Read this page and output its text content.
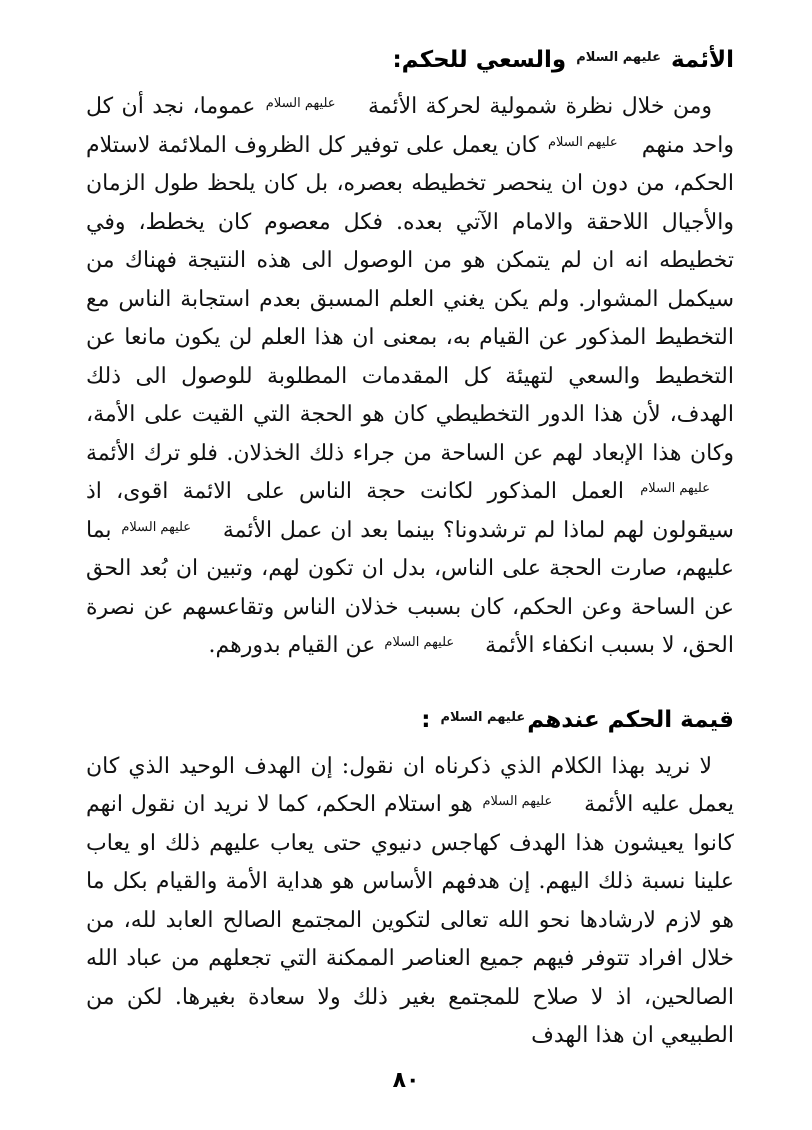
الأئمة عليهم السلام والسعي للحكم:

ومن خلال نظرة شمولية لحركة الأئمة عليهم السلام عموما، نجد أن كل واحد منهمعليهم السلام كان يعمل على توفير كل الظروف الملائمة لاستلام الحكم، من دون ان ينحصر تخطيطه بعصره، بل كان يلحظ طول الزمان والأجيال اللاحقة والامام الآتي بعده. فكل معصوم كان يخطط، وفي تخطيطه انه ان لم يتمكن هو من الوصول الى هذه النتيجة فهناك من سيكمل المشوار. ولم يكن يغني العلم المسبق بعدم استجابة الناس مع التخطيط المذكور عن القيام به، بمعنى ان هذا العلم لن يكون مانعا عن التخطيط والسعي لتهيئة كل المقدمات المطلوبة للوصول الى ذلك الهدف، لأن هذا الدور التخطيطي كان هو الحجة التي القيت على الأمة، وكان هذا الإبعاد لهم عن الساحة من جراء ذلك الخذلان. فلو ترك الأئمة عليهم السلام العمل المذكور لكانت حجة الناس على الائمة اقوى، اذ سيقولون لهم لماذا لم ترشدونا؟ بينما بعد ان عمل الأئمة عليهم السلام بما عليهم، صارت الحجة على الناس، بدل ان تكون لهم، وتبين ان بُعد الحق عن الساحة وعن الحكم، كان بسبب خذلان الناس وتقاعسهم عن نصرة الحق، لا بسبب انكفاء الأئمة عليهم السلام عن القيام بدورهم.

قيمة الحكم عندهمعليهم السلام :

لا نريد بهذا الكلام الذي ذكرناه ان نقول: إن الهدف الوحيد الذي كان يعمل عليه الأئمة عليهم السلام هو استلام الحكم، كما لا نريد ان نقول انهم كانوا يعيشون هذا الهدف كهاجس دنيوي حتى يعاب عليهم ذلك او يعاب علينا نسبة ذلك اليهم. إن هدفهم الأساس هو هداية الأمة والقيام بكل ما هو لازم لارشادها نحو الله تعالى لتكوين المجتمع الصالح العابد لله، من خلال افراد تتوفر فيهم جميع العناصر الممكنة التي تجعلهم من عباد الله الصالحين، اذ لا صلاح للمجتمع بغير ذلك ولا سعادة بغيرها. لكن من الطبيعي ان هذا الهدف

٨٠
